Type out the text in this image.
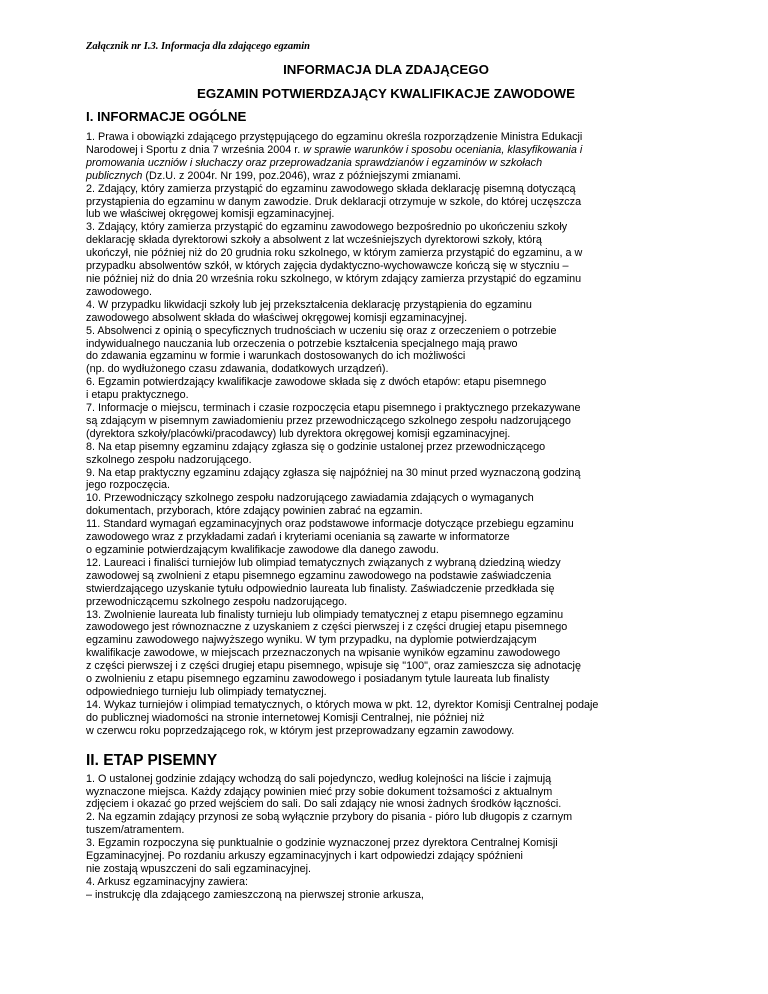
Załącznik nr I.3. Informacja dla zdającego egzamin
INFORMACJA DLA ZDAJĄCEGO
EGZAMIN POTWIERDZAJĄCY KWALIFIKACJE ZAWODOWE
I. INFORMACJE OGÓLNE

1. Prawa i obowiązki zdającego przystępującego do egzaminu określa rozporządzenie Ministra Edukacji
Narodowej i Sportu z dnia 7 września 2004 r. w sprawie warunków i sposobu oceniania, klasyfikowania i
promowania uczniów i słuchaczy oraz przeprowadzania sprawdzianów i egzaminów w szkołach
publicznych (Dz.U. z 2004r. Nr 199, poz.2046), wraz z późniejszymi zmianami.

2. Zdający, który zamierza przystąpić do egzaminu zawodowego składa deklarację pisemną dotyczącą
przystąpienia do egzaminu w danym zawodzie. Druk deklaracji otrzymuje w szkole, do której uczęszcza
lub we właściwej okręgowej komisji egzaminacyjnej.

3. Zdający, który zamierza przystąpić do egzaminu zawodowego bezpośrednio po ukończeniu szkoły
deklarację składa dyrektorowi szkoły a absolwent z lat wcześniejszych dyrektorowi szkoły, którą
ukończył, nie później niż do 20 grudnia roku szkolnego, w którym zamierza przystąpić do egzaminu, a w
przypadku absolwentów szkół, w których zajęcia dydaktyczno-wychowawcze kończą się w styczniu –
nie później niż do dnia 20 września roku szkolnego, w którym zdający zamierza przystąpić do egzaminu
zawodowego.

4. W przypadku likwidacji szkoły lub jej przekształcenia deklarację przystąpienia do egzaminu
zawodowego absolwent składa do właściwej okręgowej komisji egzaminacyjnej.

5. Absolwenci z opinią o specyficznych trudnościach w uczeniu się oraz z orzeczeniem o potrzebie
indywidualnego nauczania lub orzeczenia o potrzebie kształcenia specjalnego mają prawo
do zdawania egzaminu w formie i warunkach dostosowanych do ich możliwości
(np. do wydłużonego czasu zdawania, dodatkowych urządzeń).

6. Egzamin potwierdzający kwalifikacje zawodowe składa się z dwóch etapów: etapu pisemnego
i etapu praktycznego.

7. Informacje o miejscu, terminach i czasie rozpoczęcia etapu pisemnego i praktycznego przekazywane
są zdającym w pisemnym zawiadomieniu przez przewodniczącego szkolnego zespołu nadzorującego
(dyrektora szkoły/placówki/pracodawcy) lub dyrektora okręgowej komisji egzaminacyjnej.

8. Na etap pisemny egzaminu zdający zgłasza się o godzinie ustalonej przez przewodniczącego
szkolnego zespołu nadzorującego.

9. Na etap praktyczny egzaminu zdający zgłasza się najpóźniej na 30 minut przed wyznaczoną godziną
jego rozpoczęcia.

10. Przewodniczący szkolnego zespołu nadzorującego zawiadamia zdających o wymaganych
dokumentach, przyborach, które zdający powinien zabrać na egzamin.

11. Standard wymagań egzaminacyjnych oraz podstawowe informacje dotyczące przebiegu egzaminu
zawodowego wraz z przykładami zadań i kryteriami oceniania są zawarte w informatorze
o egzaminie potwierdzającym kwalifikacje zawodowe dla danego zawodu.

12. Laureaci i finaliści turniejów lub olimpiad tematycznych związanych z wybraną dziedziną wiedzy
zawodowej są zwolnieni z etapu pisemnego egzaminu zawodowego na podstawie zaświadczenia
stwierdzającego uzyskanie tytułu odpowiednio laureata lub finalisty. Zaświadczenie przedkłada się
przewodniczącemu szkolnego zespołu nadzorującego.

13. Zwolnienie laureata lub finalisty turnieju lub olimpiady tematycznej z etapu pisemnego egzaminu
zawodowego jest równoznaczne z uzyskaniem z części pierwszej i z części drugiej etapu pisemnego
egzaminu zawodowego najwyższego wyniku. W tym przypadku, na dyplomie potwierdzającym
kwalifikacje zawodowe, w miejscach przeznaczonych na wpisanie wyników egzaminu zawodowego
z części pierwszej i z części drugiej etapu pisemnego, wpisuje się "100", oraz zamieszcza się adnotację
o zwolnieniu z etapu pisemnego egzaminu zawodowego i posiadanym tytule laureata lub finalisty
odpowiedniego turnieju lub olimpiady tematycznej.

14. Wykaz turniejów i olimpiad tematycznych, o których mowa w pkt. 12, dyrektor Komisji Centralnej podaje

do publicznej wiadomości na stronie internetowej Komisji Centralnej, nie później niż
w czerwcu roku poprzedzającego rok, w którym jest przeprowadzany egzamin zawodowy.

II. ETAP PISEMNY

1. O ustalonej godzinie zdający wchodzą do sali pojedynczo, według kolejności na liście i zajmują
wyznaczone miejsca. Każdy zdający powinien mieć przy sobie dokument tożsamości z aktualnym
zdjęciem i okazać go przed wejściem do sali. Do sali zdający nie wnosi żadnych środków łączności.

2. Na egzamin zdający przynosi ze sobą wyłącznie przybory do pisania - pióro lub długopis z czarnym
tuszem/atramentem.

3. Egzamin rozpoczyna się punktualnie o godzinie wyznaczonej przez dyrektora Centralnej Komisji
Egzaminacyjnej. Po rozdaniu arkuszy egzaminacyjnych i kart odpowiedzi zdający spóźnieni
nie zostają wpuszczeni do sali egzaminacyjnej.

4. Arkusz egzaminacyjny zawiera:
– instrukcję dla zdającego zamieszczoną na pierwszej stronie arkusza,
